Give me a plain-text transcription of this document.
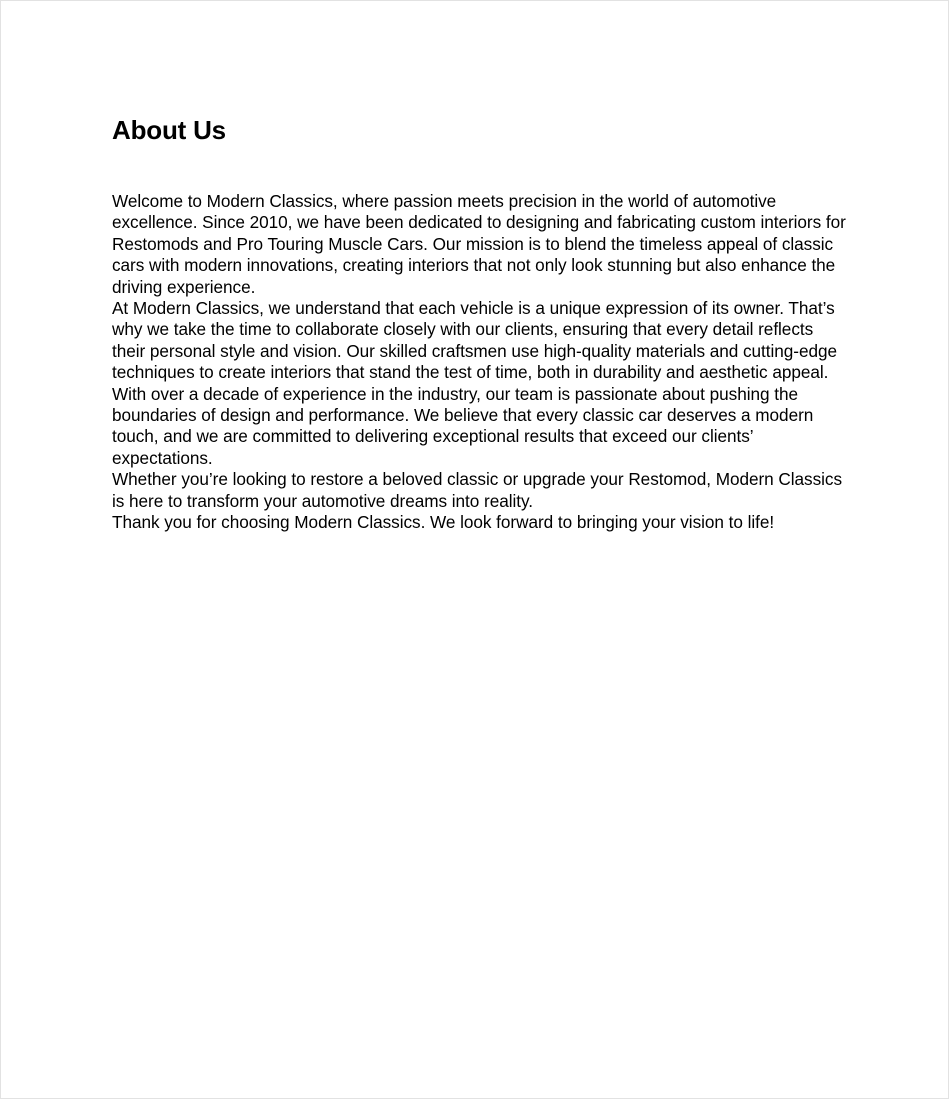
About Us

Welcome to Modern Classics, where passion meets precision in the world of automotive excellence. Since 2010, we have been dedicated to designing and fabricating custom interiors for Restomods and Pro Touring Muscle Cars. Our mission is to blend the timeless appeal of classic cars with modern innovations, creating interiors that not only look stunning but also enhance the driving experience.

At Modern Classics, we understand that each vehicle is a unique expression of its owner. That’s why we take the time to collaborate closely with our clients, ensuring that every detail reflects their personal style and vision. Our skilled craftsmen use high-quality materials and cutting-edge techniques to create interiors that stand the test of time, both in durability and aesthetic appeal.

With over a decade of experience in the industry, our team is passionate about pushing the boundaries of design and performance. We believe that every classic car deserves a modern touch, and we are committed to delivering exceptional results that exceed our clients’ expectations.

Whether you’re looking to restore a beloved classic or upgrade your Restomod, Modern Classics is here to transform your automotive dreams into reality.

Thank you for choosing Modern Classics. We look forward to bringing your vision to life!
